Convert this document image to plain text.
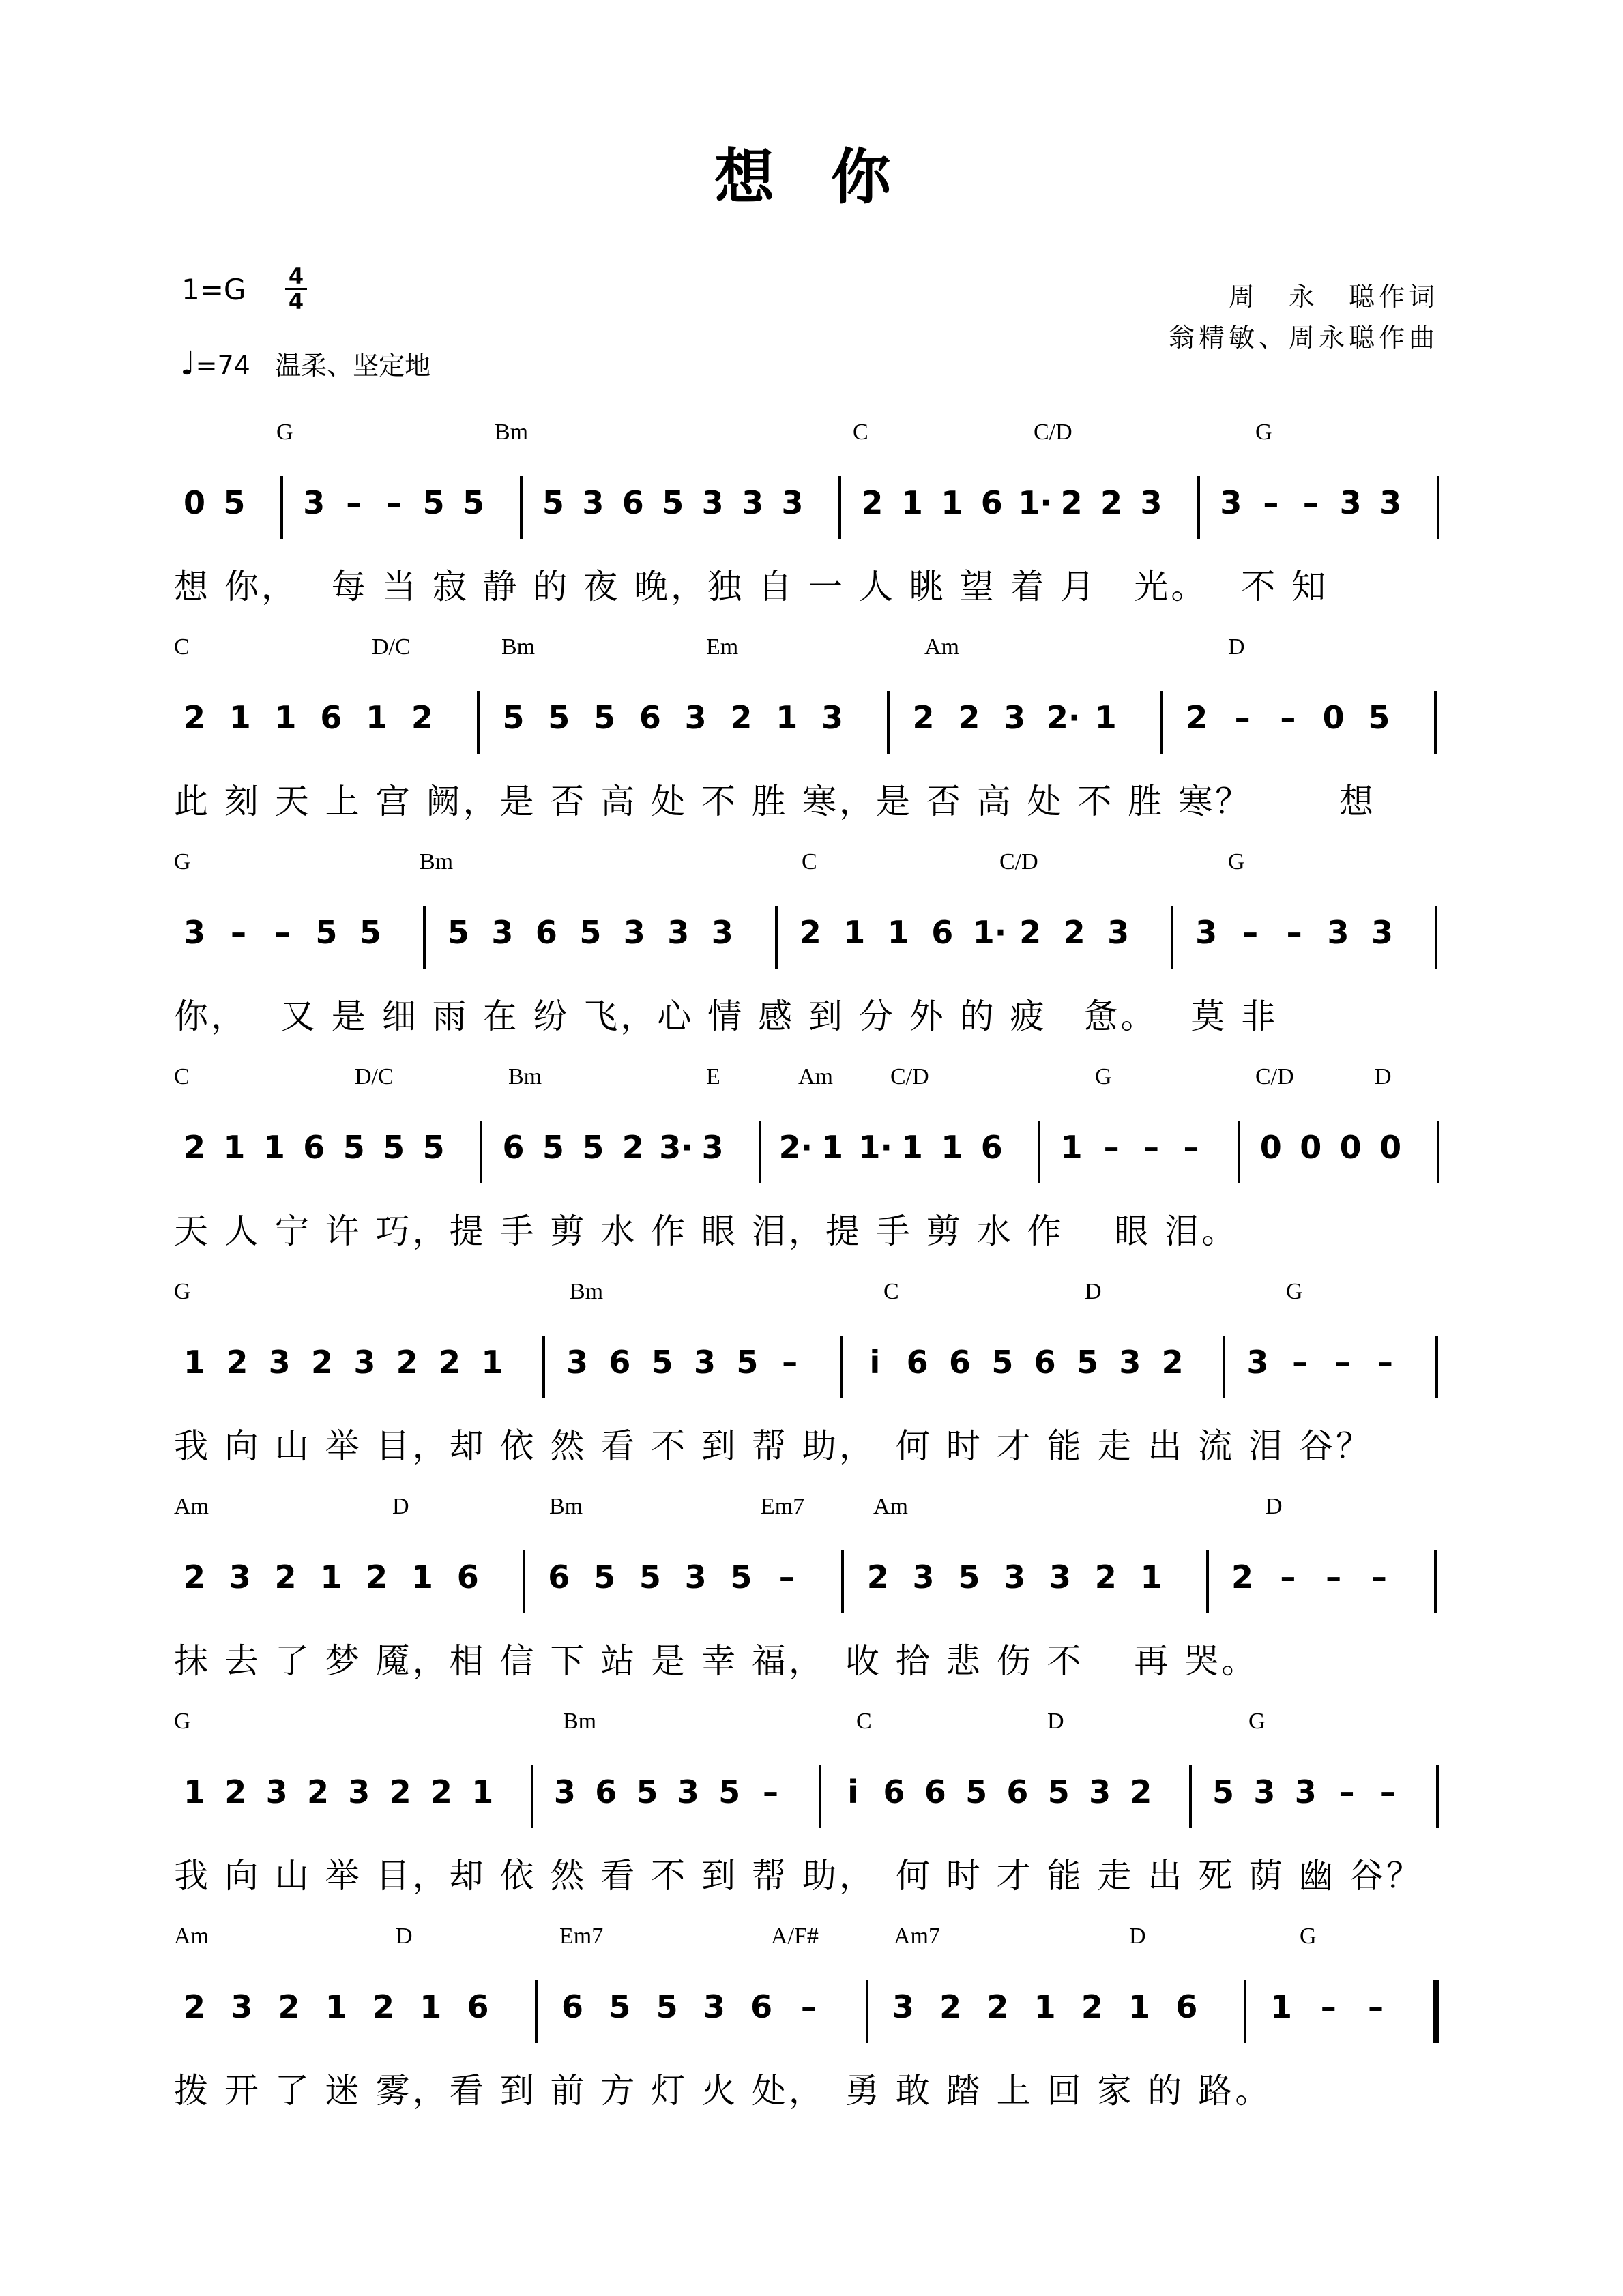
想 你
1=G 4
4
♩=74 温柔、坚定地
周　永　聪作词
翁精敏、周永聪作曲
G	Bm	C	C/D	G
0 5 3 – – 5 5 5 3 6 5 3 3 3 2 1 1 6 1· 2 2 3 3 – – 3 3
想 你，　 每 当 寂 静 的 夜 晚，独 自 一 人 眺 望 着 月　光。　 不 知
C	D/C	Bm	Em	Am	D
2 1 1 6 1 2 5 5 5 6 3 2 1 3 2 2 3 2· 1 2 – – 0 5
此 刻 天 上 宫 阙，是 否 高 处 不 胜 寒，是 否 高 处 不 胜 寒？　　 想
G	Bm	C	C/D	G
3 – – 5 5 5 3 6 5 3 3 3 2 1 1 6 1· 2 2 3 3 – – 3 3
你，　 又 是 细 雨 在 纷 飞，心 情 感 到 分 外 的 疲　惫。　 莫 非
C	D/C	Bm	E	Am C/D	G	C/D	D
2 1 1 6 5 5 5 6 5 5 2 3· 3 2· 1 1· 1 1 6 1 – – – 0 0 0 0
天 人 宁 许 巧，提 手 剪 水 作 眼 泪，提 手 剪 水 作　 眼 泪。
G	Bm	C	D	G
1 2 3 2 3 2 2 1 3 6 5 3 5 – i 6 6 5 6 5 3 2 3 – – –
我 向 山 举 目，却 依 然 看 不 到 帮 助，　何 时 才 能 走 出 流 泪 谷？
Am	D	Bm	Em7	Am	D
2 3 2 1 2 1 6 6 5 5 3 5 – 2 3 5 3 3 2 1 2 – – –
抹 去 了 梦 魇，相 信 下 站 是 幸 福，　收 拾 悲 伤 不　 再 哭。
G	Bm	C	D	G
1 2 3 2 3 2 2 1 3 6 5 3 5 – i 6 6 5 6 5 3 2 5 3 3 – –
我 向 山 举 目，却 依 然 看 不 到 帮 助，　何 时 才 能 走 出 死 荫 幽 谷？
Am	D	Em7	A/F#	Am7	D	G
2 3 2 1 2 1 6 6 5 5 3 6 – 3 2 2 1 2 1 6 1 – –
拨 开 了 迷 雾，看 到 前 方 灯 火 处，　勇 敢 踏 上 回 家 的 路。
